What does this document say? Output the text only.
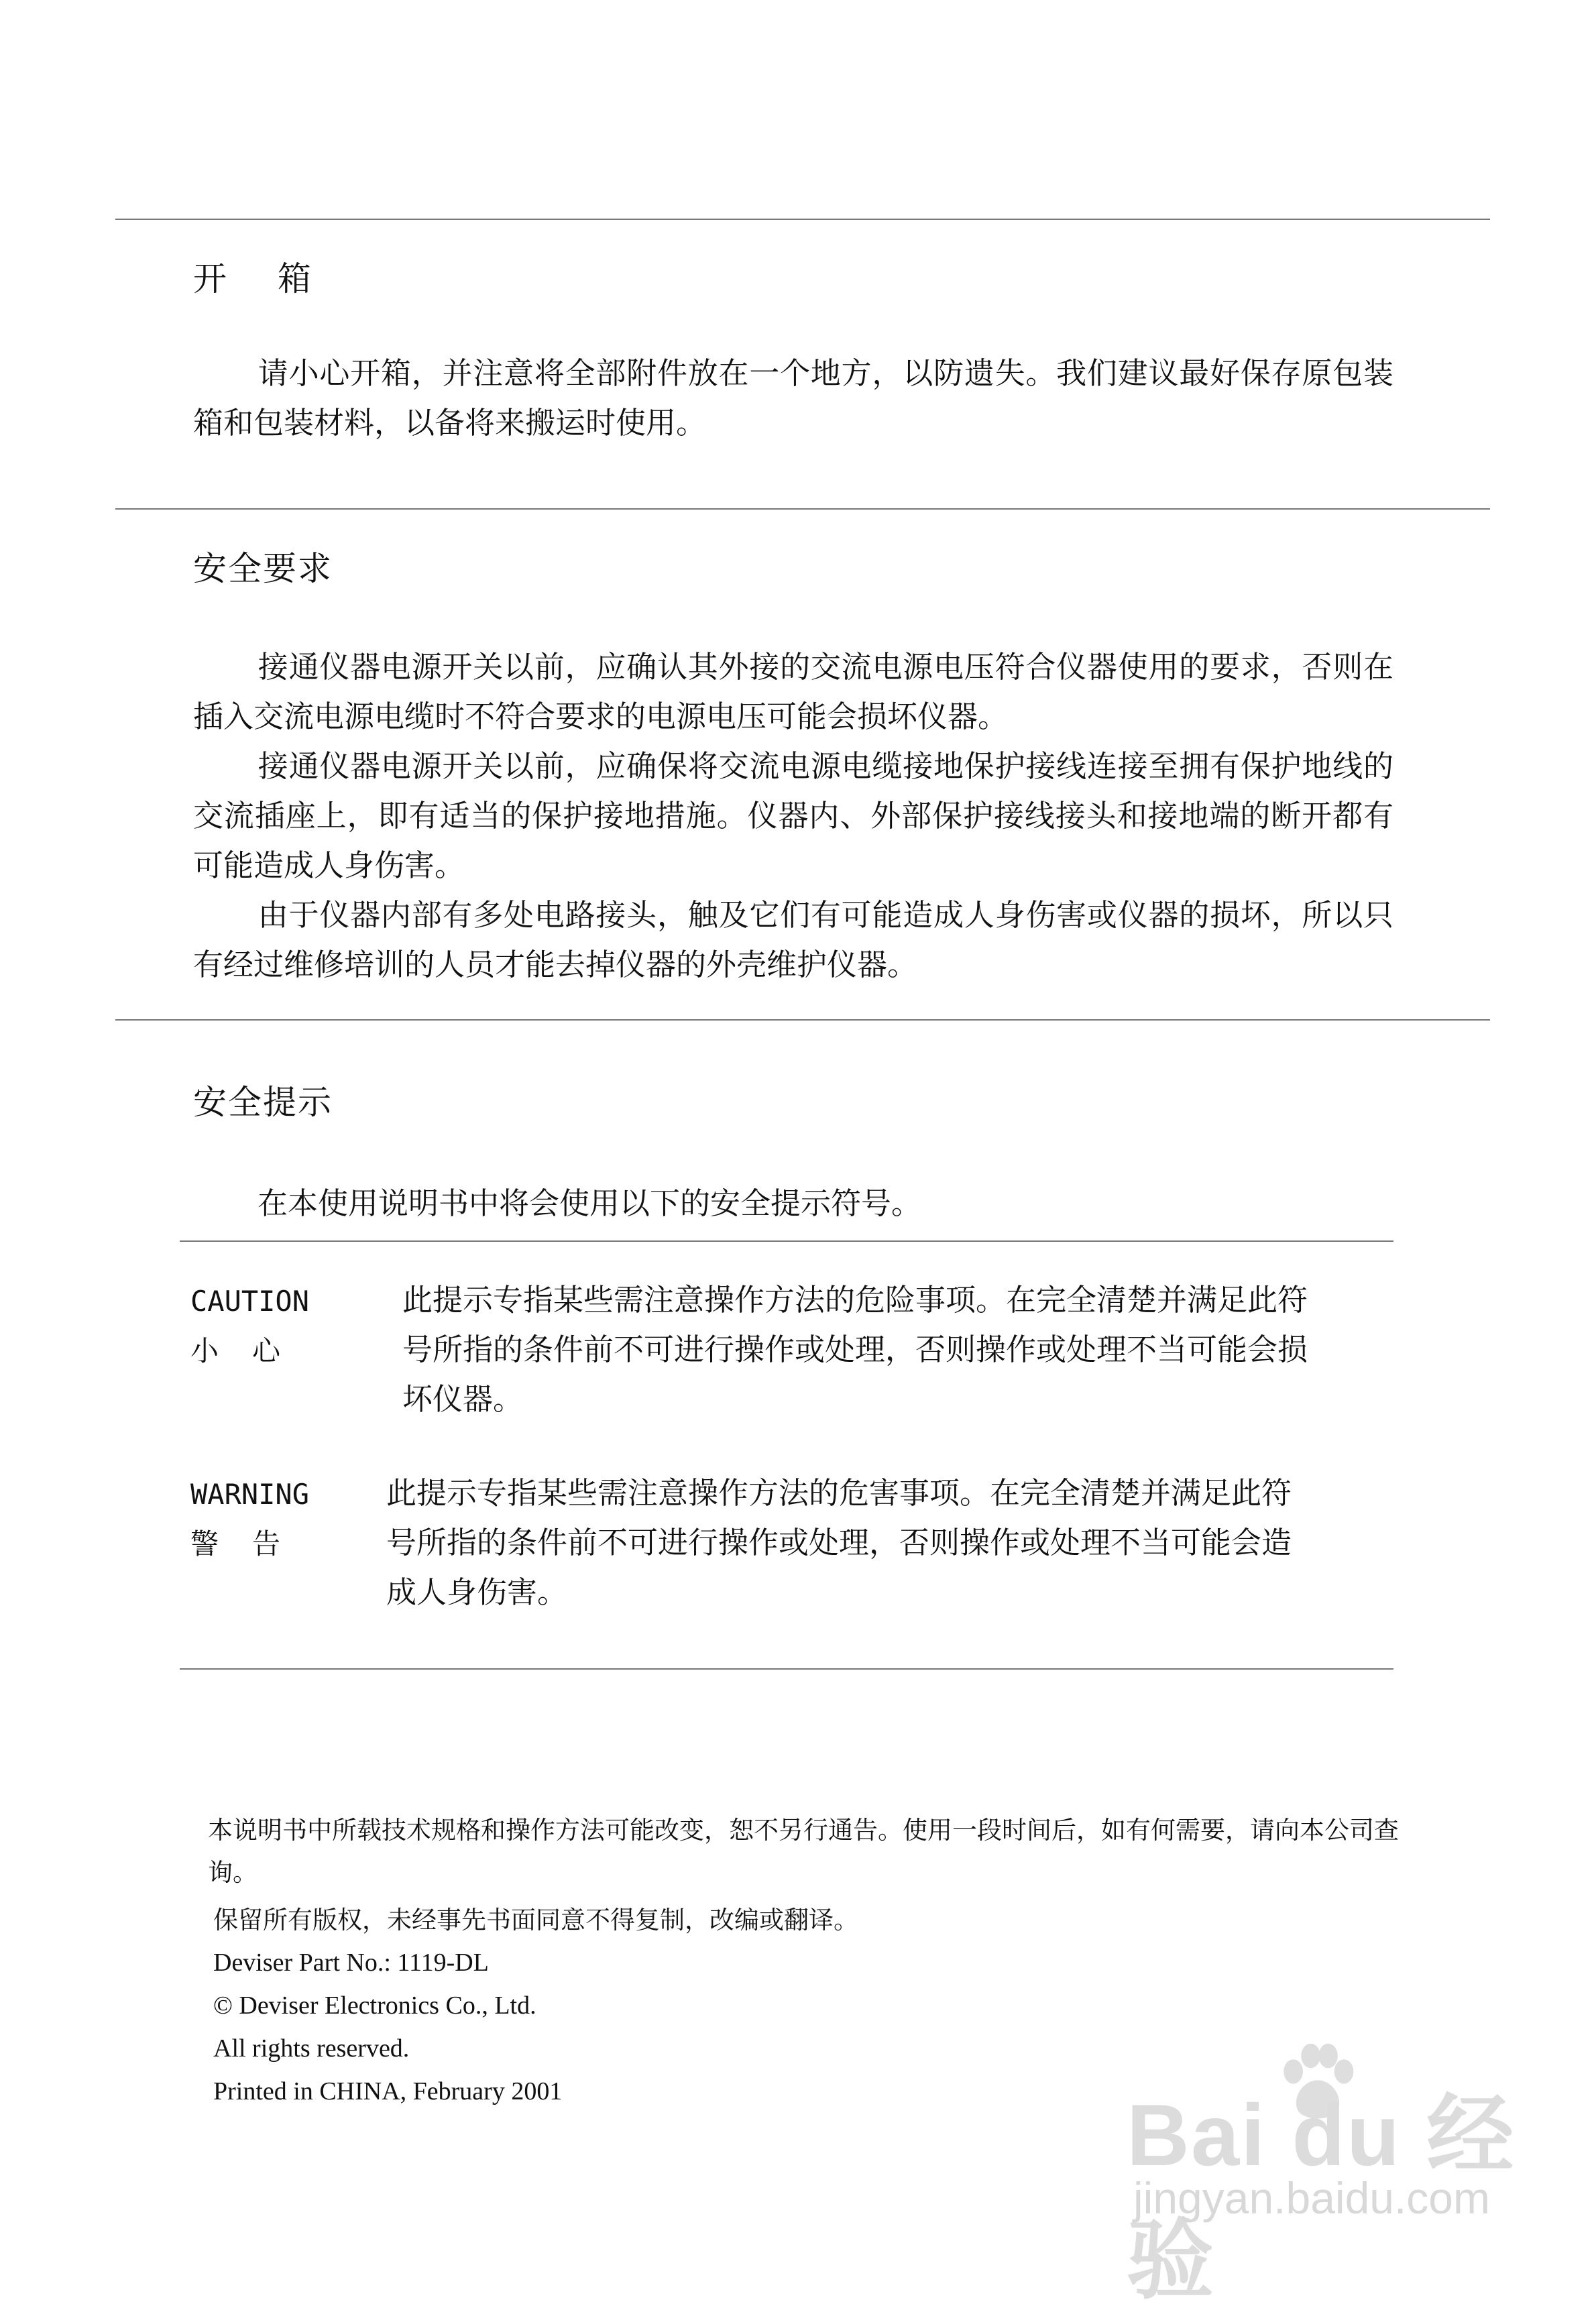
开 箱

请小心开箱，并注意将全部附件放在一个地方，以防遗失。我们建议最好保存原包装箱和包装材料，以备将来搬运时使用。

安全要求

接通仪器电源开关以前，应确认其外接的交流电源电压符合仪器使用的要求，否则在插入交流电源电缆时不符合要求的电源电压可能会损坏仪器。

接通仪器电源开关以前，应确保将交流电源电缆接地保护接线连接至拥有保护地线的交流插座上，即有适当的保护接地措施。仪器内、外部保护接线接头和接地端的断开都有可能造成人身伤害。

由于仪器内部有多处电路接头，触及它们有可能造成人身伤害或仪器的损坏，所以只有经过维修培训的人员才能去掉仪器的外壳维护仪器。

安全提示

在本使用说明书中将会使用以下的安全提示符号。

CAUTION
小心
此提示专指某些需注意操作方法的危险事项。在完全清楚并满足此符
号所指的条件前不可进行操作或处理，否则操作或处理不当可能会损
坏仪器。
WARNING
警告
此提示专指某些需注意操作方法的危害事项。在完全清楚并满足此符
号所指的条件前不可进行操作或处理，否则操作或处理不当可能会造
成人身伤害。

本说明书中所载技术规格和操作方法可能改变，恕不另行通告。使用一段时间后，如有何需要，请向本公司查询。

保留所有版权，未经事先书面同意不得复制，改编或翻译。

Deviser Part No.: 1119-DL

© Deviser Electronics Co., Ltd.

All rights reserved.

Printed in CHINA, February 2001	Bai du 经验
jingyan.baidu.com
